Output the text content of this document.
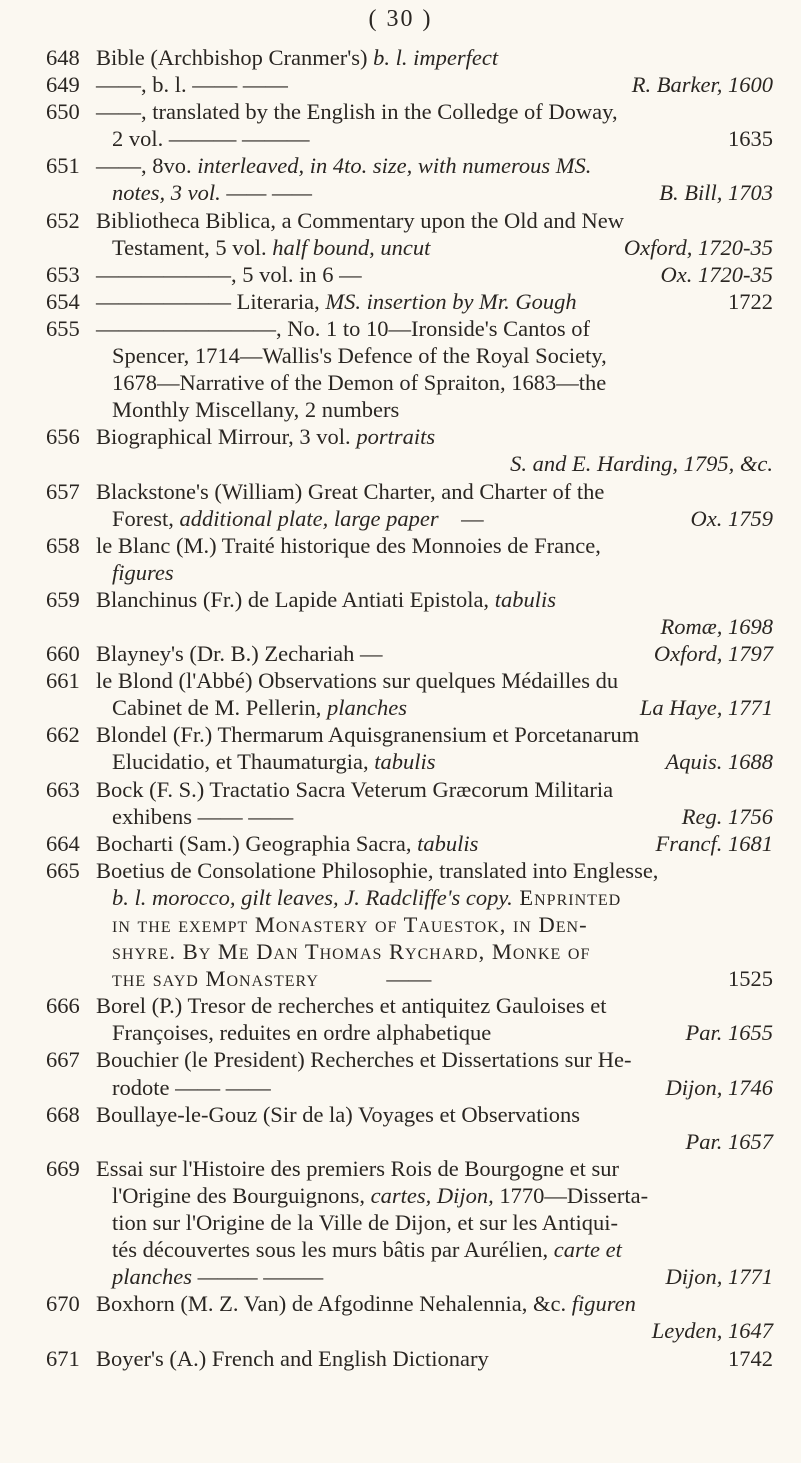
( 30 )
648 Bible (Archbishop Cranmer's) b. l. imperfect
649 ——, b. l. —— ——	R. Barker, 1600
650 ——, translated by the English in the Colledge of Doway,
2 vol. ——— ———	1635
651 ——, 8vo. interleaved, in 4to. size, with numerous MS.
notes, 3 vol. —— ——	B. Bill, 1703
652 Bibliotheca Biblica, a Commentary upon the Old and New
Testament, 5 vol. half bound, uncut	Oxford, 1720-35
653 ——————, 5 vol. in 6 —	Ox. 1720-35
654 —————— Literaria, MS. insertion by Mr. Gough	1722
655 ————————, No. 1 to 10—Ironside's Cantos of
Spencer, 1714—Wallis's Defence of the Royal Society,
1678—Narrative of the Demon of Spraiton, 1683—the
Monthly Miscellany, 2 numbers
656 Biographical Mirrour, 3 vol. portraits
S. and E. Harding, 1795, &c.

657 Blackstone's (William) Great Charter, and Charter of the
Forest, additional plate, large paper —	Ox. 1759
658 le Blanc (M.) Traité historique des Monnoies de France,
figures
659 Blanchinus (Fr.) de Lapide Antiati Epistola, tabulis
Romæ, 1698

660 Blayney's (Dr. B.) Zechariah —	Oxford, 1797
661 le Blond (l'Abbé) Observations sur quelques Médailles du
Cabinet de M. Pellerin, planches	La Haye, 1771
662 Blondel (Fr.) Thermarum Aquisgranensium et Porcetanarum
Elucidatio, et Thaumaturgia, tabulis	Aquis. 1688
663 Bock (F. S.) Tractatio Sacra Veterum Græcorum Militaria
exhibens —— ——	Reg. 1756
664 Bocharti (Sam.) Geographia Sacra, tabulis	Francf. 1681
665 Boetius de Consolatione Philosophie, translated into Englesse,
b. l. morocco, gilt leaves, J. Radcliffe's copy. Enprinted
in the exempt Monastery of Tauestok, in Den-
shyre. By Me Dan Thomas Rychard, Monke of
the sayd Monastery	——	1525
666 Borel (P.) Tresor de recherches et antiquitez Gauloises et
Françoises, reduites en ordre alphabetique	Par. 1655
667 Bouchier (le President) Recherches et Dissertations sur He-
rodote —— ——	Dijon, 1746
668 Boullaye-le-Gouz (Sir de la) Voyages et Observations
Par. 1657

669 Essai sur l'Histoire des premiers Rois de Bourgogne et sur
l'Origine des Bourguignons, cartes, Dijon, 1770—Disserta-
tion sur l'Origine de la Ville de Dijon, et sur les Antiqui-
tés découvertes sous les murs bâtis par Aurélien, carte et
planches ——— ———	Dijon, 1771
670 Boxhorn (M. Z. Van) de Afgodinne Nehalennia, &c. figuren
Leyden, 1647

671 Boyer's (A.) French and English Dictionary	1742
